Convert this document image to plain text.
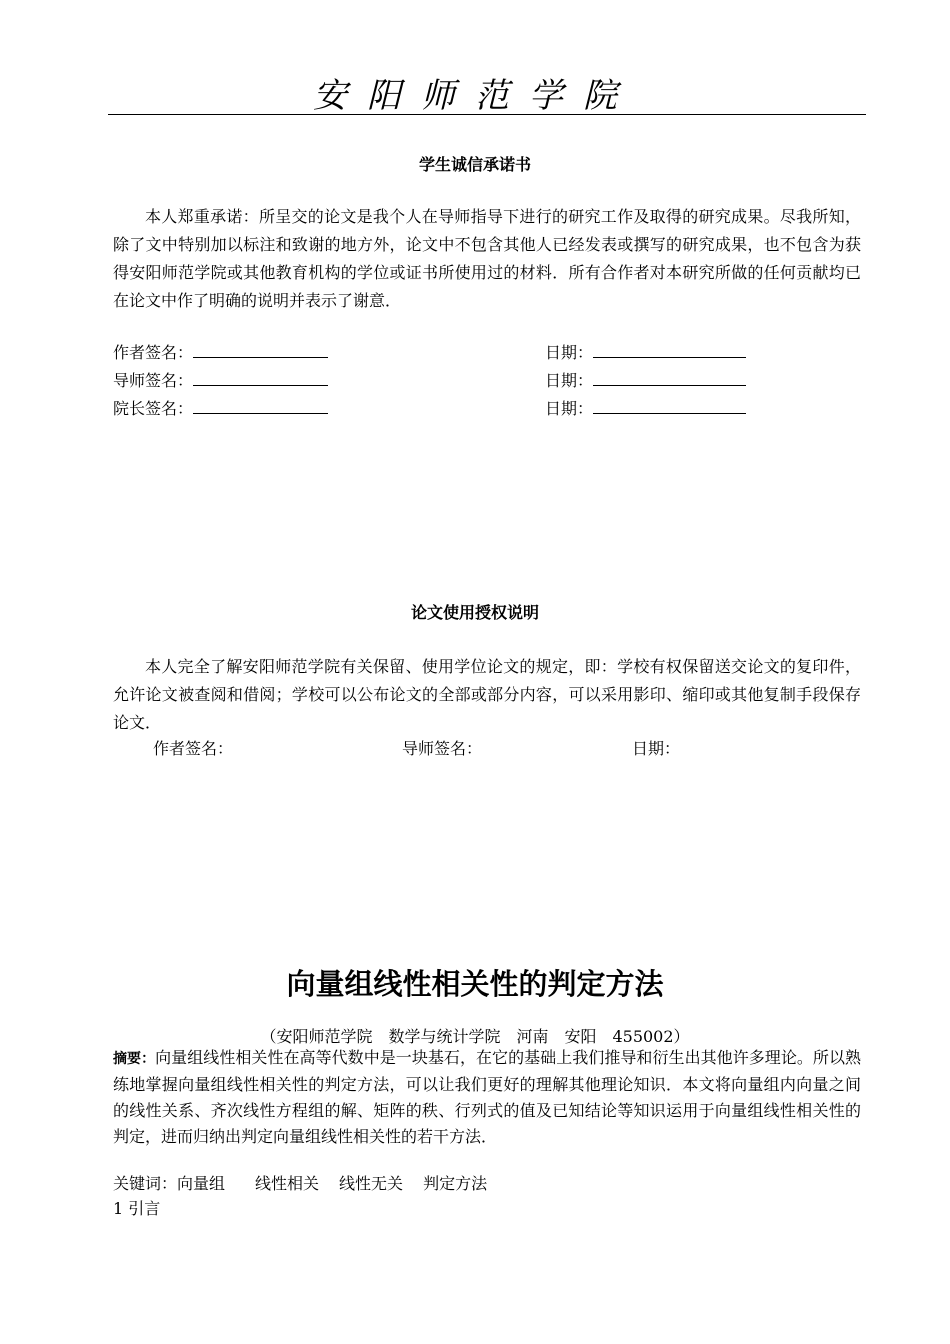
安阳师范学院
学生诚信承诺书
本人郑重承诺：所呈交的论文是我个人在导师指导下进行的研究工作及取得的研究成果。尽我所知，除了文中特别加以标注和致谢的地方外，论文中不包含其他人已经发表或撰写的研究成果，也不包含为获得安阳师范学院或其他教育机构的学位或证书所使用过的材料．所有合作者对本研究所做的任何贡献均已在论文中作了明确的说明并表示了谢意．
作者签名：	日期：
导师签名：	日期：
院长签名：	日期：
论文使用授权说明
本人完全了解安阳师范学院有关保留、使用学位论文的规定，即：学校有权保留送交论文的复印件，允许论文被查阅和借阅；学校可以公布论文的全部或部分内容，可以采用影印、缩印或其他复制手段保存论文．
作者签名：	导师签名：	日期：
向量组线性相关性的判定方法
（安阳师范学院　数学与统计学院　河南　安阳　455002）
摘要：向量组线性相关性在高等代数中是一块基石，在它的基础上我们推导和衍生出其他许多理论。所以熟练地掌握向量组线性相关性的判定方法，可以让我们更好的理解其他理论知识．本文将向量组内向量之间的线性关系、齐次线性方程组的解、矩阵的秩、行列式的值及已知结论等知识运用于向量组线性相关性的判定，进而归纳出判定向量组线性相关性的若干方法．
关键词：向量组 线性相关 线性无关 判定方法
1 引言
